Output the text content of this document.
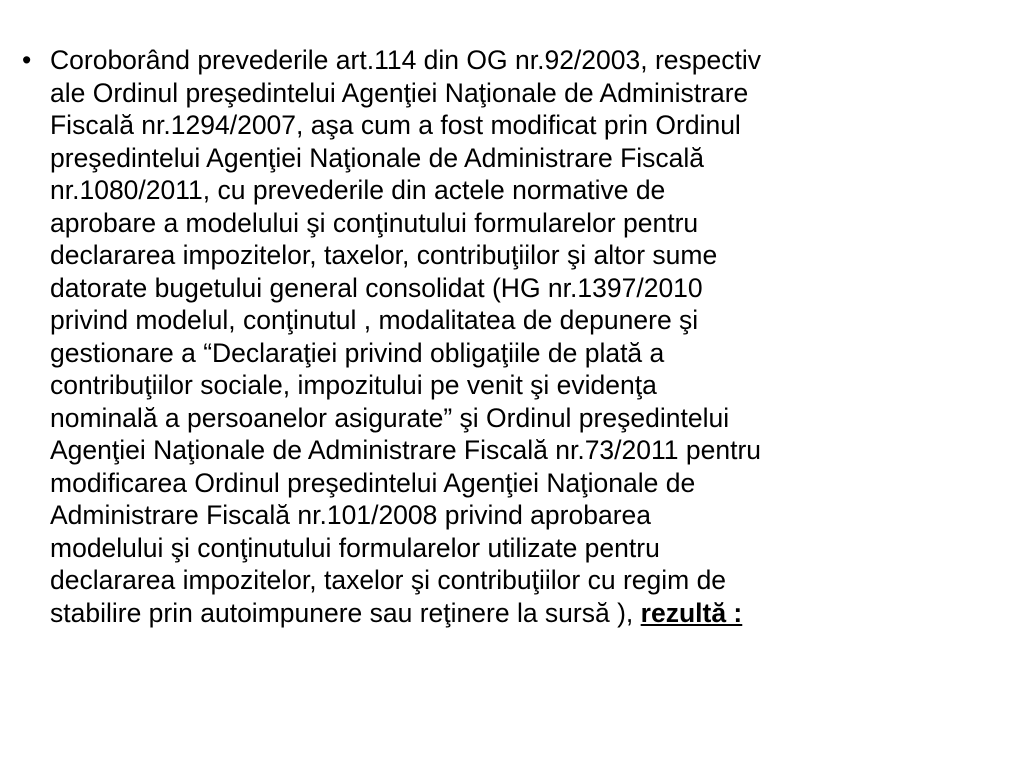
• Coroborând prevederile art.114 din OG nr.92/2003, respectiv
ale Ordinul preşedintelui Agenţiei Naţionale de Administrare
Fiscală nr.1294/2007, aşa cum a fost modificat prin Ordinul
preşedintelui Agenţiei Naţionale de Administrare Fiscală
nr.1080/2011, cu prevederile din actele normative de
aprobare a modelului şi conţinutului formularelor pentru
declararea impozitelor, taxelor, contribuţiilor şi altor sume
datorate bugetului general consolidat (HG nr.1397/2010
privind modelul, conţinutul , modalitatea de depunere şi
gestionare a “Declaraţiei privind obligaţiile de plată a
contribuţiilor sociale, impozitului pe venit şi evidenţa
nominală a persoanelor asigurate” şi Ordinul preşedintelui
Agenţiei Naţionale de Administrare Fiscală nr.73/2011 pentru
modificarea Ordinul preşedintelui Agenţiei Naţionale de
Administrare Fiscală nr.101/2008 privind aprobarea
modelului şi conţinutului formularelor utilizate pentru
declararea impozitelor, taxelor şi contribuţiilor cu regim de
stabilire prin autoimpunere sau reţinere la sursă ), rezultă :
